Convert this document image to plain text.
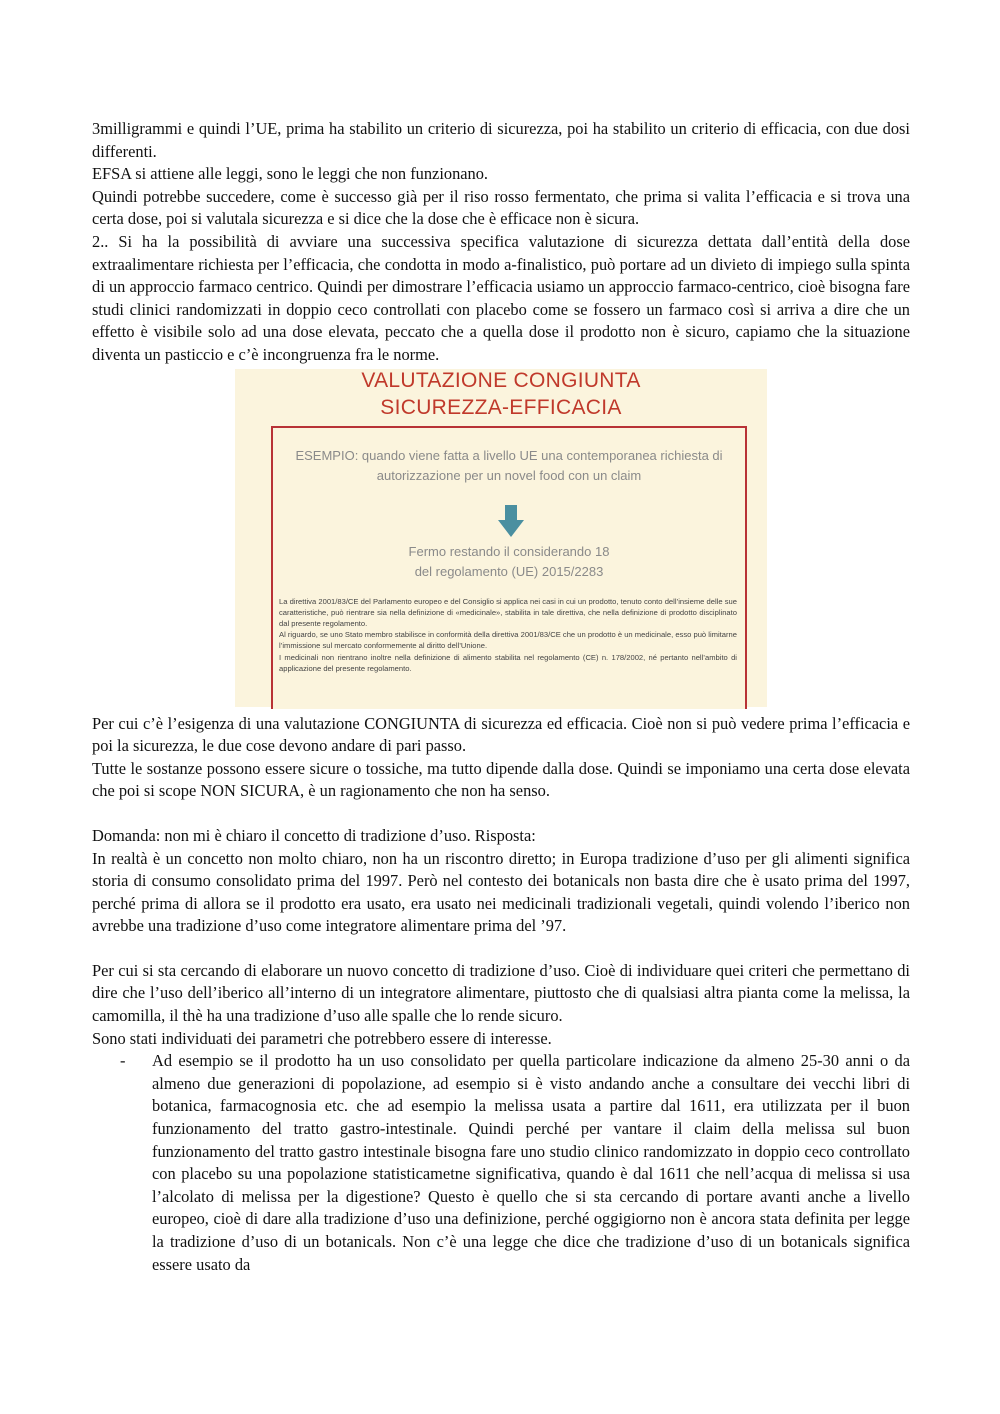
3milligrammi e quindi l’UE, prima ha stabilito un criterio di sicurezza, poi ha stabilito un criterio di efficacia, con due dosi differenti.

EFSA si attiene alle leggi, sono le leggi che non funzionano.

Quindi potrebbe succedere, come è successo già per il riso rosso fermentato, che prima si valita l’efficacia e si trova una certa dose, poi si valutala sicurezza e si dice che la dose che è efficace non è sicura.

2.. Si ha la possibilità di avviare una successiva specifica valutazione di sicurezza dettata dall’entità della dose extraalimentare richiesta per l’efficacia, che condotta in modo a-finalistico, può portare ad un divieto di impiego sulla spinta di un approccio farmaco centrico. Quindi per dimostrare l’efficacia usiamo un approccio farmaco-centrico, cioè bisogna fare studi clinici randomizzati in doppio ceco controllati con placebo come se fossero un farmaco così si arriva a dire che un effetto è visibile solo ad una dose elevata, peccato che a quella dose il prodotto non è sicuro, capiamo che la situazione diventa un pasticcio e c’è incongruenza fra le norme.

VALUTAZIONE CONGIUNTA
SICUREZZA-EFFICACIA
ESEMPIO: quando viene fatta a livello UE una contemporanea richiesta di autorizzazione per un novel food con un claim
Fermo restando il considerando 18
del regolamento (UE) 2015/2283

La direttiva 2001/83/CE del Parlamento europeo e del Consiglio si applica nei casi in cui un prodotto, tenuto conto dell’insieme delle sue caratteristiche, può rientrare sia nella definizione di «medicinale», stabilita in tale direttiva, che nella definizione di prodotto disciplinato dal presente regolamento.

Al riguardo, se uno Stato membro stabilisce in conformità della direttiva 2001/83/CE che un prodotto è un medicinale, esso può limitarne l’immissione sul mercato conformemente al diritto dell’Unione.

I medicinali non rientrano inoltre nella definizione di alimento stabilita nel regolamento (CE) n. 178/2002, né pertanto nell’ambito di applicazione del presente regolamento.

Per cui c’è l’esigenza di una valutazione CONGIUNTA di sicurezza ed efficacia. Cioè non si può vedere prima l’efficacia e poi la sicurezza, le due cose devono andare di pari passo.

Tutte le sostanze possono essere sicure o tossiche, ma tutto dipende dalla dose. Quindi se imponiamo una certa dose elevata che poi si scope NON SICURA, è un ragionamento che non ha senso.

Domanda: non mi è chiaro il concetto di tradizione d’uso. Risposta:

In realtà è un concetto non molto chiaro, non ha un riscontro diretto; in Europa tradizione d’uso per gli alimenti significa storia di consumo consolidato prima del 1997. Però nel contesto dei botanicals non basta dire che è usato prima del 1997, perché prima di allora se il prodotto era usato, era usato nei medicinali tradizionali vegetali, quindi volendo l’iberico non avrebbe una tradizione d’uso come integratore alimentare prima del ’97.

Per cui si sta cercando di elaborare un nuovo concetto di tradizione d’uso. Cioè di individuare quei criteri che permettano di dire che l’uso dell’iberico all’interno di un integratore alimentare, piuttosto che di qualsiasi altra pianta come la melissa, la camomilla, il thè ha una tradizione d’uso alle spalle che lo rende sicuro.

Sono stati individuati dei parametri che potrebbero essere di interesse.

- Ad esempio se il prodotto ha un uso consolidato per quella particolare indicazione da almeno 25-30 anni o da almeno due generazioni di popolazione, ad esempio si è visto andando anche a consultare dei vecchi libri di botanica, farmacognosia etc. che ad esempio la melissa usata a partire dal 1611, era utilizzata per il buon funzionamento del tratto gastro-intestinale. Quindi perché per vantare il claim della melissa sul buon funzionamento del tratto gastro intestinale bisogna fare uno studio clinico randomizzato in doppio ceco controllato con placebo su una popolazione statisticametne significativa, quando è dal 1611 che nell’acqua di melissa si usa l’alcolato di melissa per la digestione? Questo è quello che si sta cercando di portare avanti anche a livello europeo, cioè di dare alla tradizione d’uso una definizione, perché oggigiorno non è ancora stata definita per legge la tradizione d’uso di un botanicals. Non c’è una legge che dice che tradizione d’uso di un botanicals significa essere usato da
